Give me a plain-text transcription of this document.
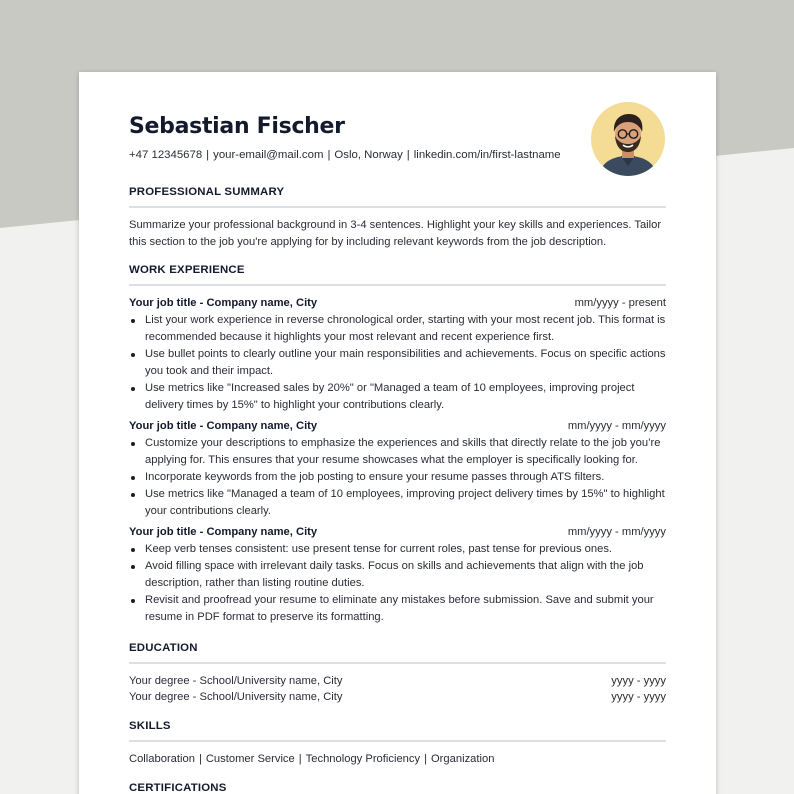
Sebastian Fischer
+47 12345678 | your-email@mail.com | Oslo, Norway | linkedin.com/in/first-lastname
PROFESSIONAL SUMMARY
Summarize your professional background in 3-4 sentences. Highlight your key skills and experiences. Tailor this section to the job you're applying for by including relevant keywords from the job description.
WORK EXPERIENCE
Your job title - Company name, City	mm/yyyy - present
List your work experience in reverse chronological order, starting with your most recent job. This format is recommended because it highlights your most relevant and recent experience first.
Use bullet points to clearly outline your main responsibilities and achievements. Focus on specific actions you took and their impact.
Use metrics like "Increased sales by 20%" or "Managed a team of 10 employees, improving project delivery times by 15%" to highlight your contributions clearly.
Your job title - Company name, City	mm/yyyy - mm/yyyy
Customize your descriptions to emphasize the experiences and skills that directly relate to the job you’re applying for. This ensures that your resume showcases what the employer is specifically looking for.
Incorporate keywords from the job posting to ensure your resume passes through ATS filters.
Use metrics like "Managed a team of 10 employees, improving project delivery times by 15%" to highlight your contributions clearly.
Your job title - Company name, City	mm/yyyy - mm/yyyy
Keep verb tenses consistent: use present tense for current roles, past tense for previous ones.
Avoid filling space with irrelevant daily tasks. Focus on skills and achievements that align with the job description, rather than listing routine duties.
Revisit and proofread your resume to eliminate any mistakes before submission. Save and submit your resume in PDF format to preserve its formatting.
EDUCATION
Your degree - School/University name, City	yyyy - yyyy
Your degree - School/University name, City	yyyy - yyyy
SKILLS
Collaboration | Customer Service | Technology Proficiency | Organization
CERTIFICATIONS
